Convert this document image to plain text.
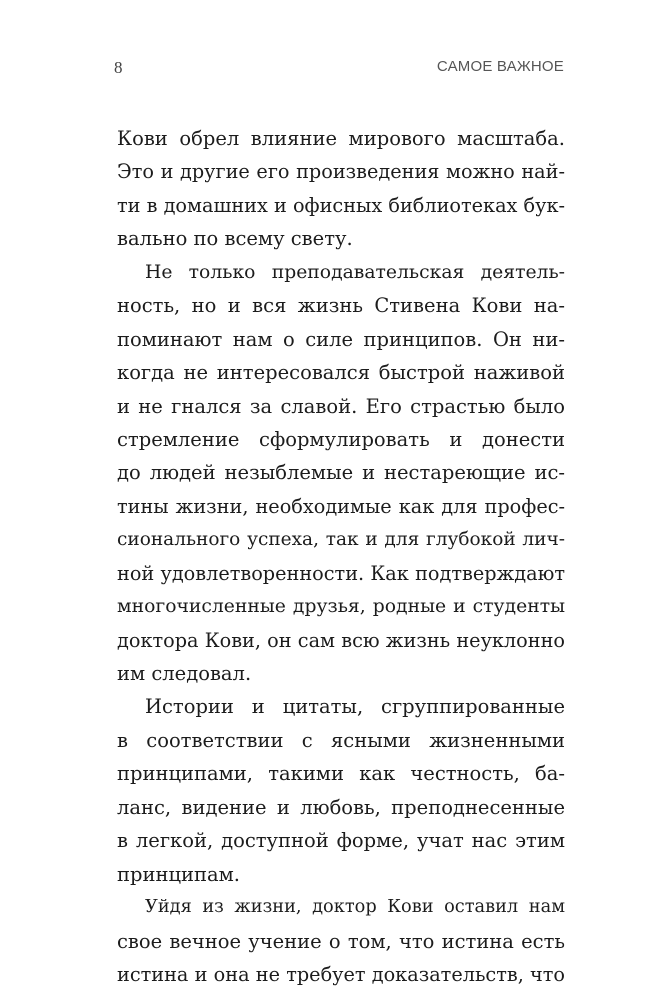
8	САМОЕ ВАЖНОЕ
Кови обрел влияние мирового масштаба.
Это и другие его произведения можно най-
ти в домашних и офисных библиотеках бук-
вально по всему свету.
Не только преподавательская деятель-
ность, но и вся жизнь Стивена Кови на-
поминают нам о силе принципов. Он ни-
когда не интересовался быстрой наживой
и не гнался за славой. Его страстью было
стремление сформулировать и донести
до людей незыблемые и нестареющие ис-
тины жизни, необходимые как для профес-
сионального успеха, так и для глубокой лич-
ной удовлетворенности. Как подтверждают
многочисленные друзья, родные и студенты
доктора Кови, он сам всю жизнь неуклонно
им следовал.
Истории и цитаты, сгруппированные
в соответствии с ясными жизненными
принципами, такими как честность, ба-
ланс, видение и любовь, преподнесенные
в легкой, доступной форме, учат нас этим
принципам.
Уйдя из жизни, доктор Кови оставил нам
свое вечное учение о том, что истина есть
истина и она не требует доказательств, что
